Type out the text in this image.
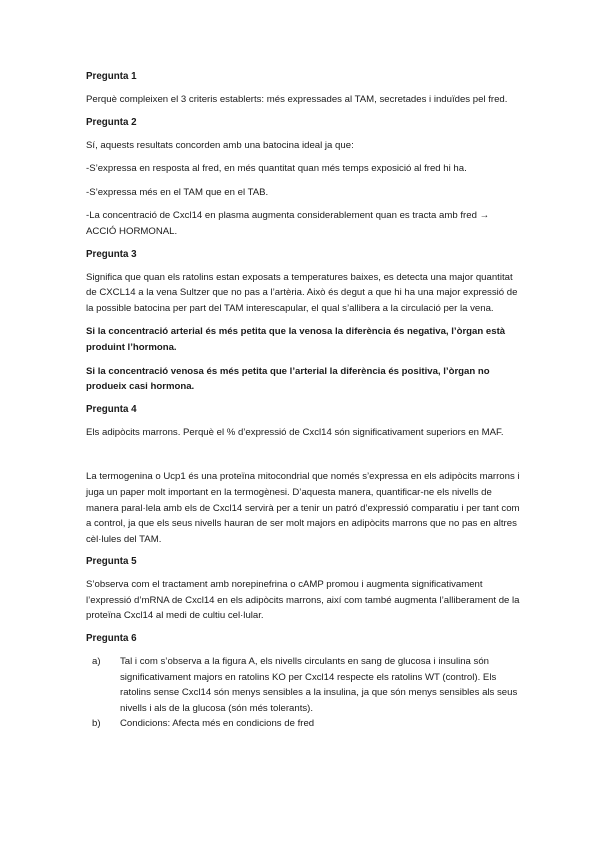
Pregunta 1

Perquè compleixen el 3 criteris establerts: més expressades al TAM, secretades i induïdes pel fred.

Pregunta 2

Sí, aquests resultats concorden amb una batocina ideal ja que:

-S’expressa en resposta al fred, en més quantitat quan més temps exposició al fred hi ha.

-S’expressa més en el TAM que en el TAB.

-La concentració de Cxcl14 en plasma augmenta considerablement quan es tracta amb fred → ACCIÓ HORMONAL.

Pregunta 3

Significa que quan els ratolins estan exposats a temperatures baixes, es detecta una major quantitat de CXCL14 a la vena Sultzer que no pas a l’artèria. Això és degut a que hi ha una major expressió de la possible batocina per part del TAM interescapular, el qual s’allibera a la circulació per la vena.

Si la concentració arterial és més petita que la venosa la diferència és negativa, l’òrgan està produint l’hormona.

Si la concentració venosa és més petita que l’arterial la diferència és positiva, l’òrgan no produeix casi hormona.

Pregunta 4

Els adipòcits marrons. Perquè el % d’expressió de Cxcl14 són significativament superiors en MAF.

La termogenina o Ucp1 és una proteïna mitocondrial que només s’expressa en els adipòcits marrons i juga un paper molt important en la termogènesi. D’aquesta manera, quantificar-ne els nivells de manera paral·lela amb els de Cxcl14 servirà per a tenir un patró d’expressió comparatiu i per tant com a control, ja que els seus nivells hauran de ser molt majors en adipòcits marrons que no pas en altres cèl·lules del TAM.

Pregunta 5

S’observa com el tractament amb norepinefrina o cAMP promou i augmenta significativament l’expressió d’mRNA de Cxcl14 en els adipòcits marrons, així com també augmenta l’alliberament de la proteïna Cxcl14 al medi de cultiu cel·lular.

Pregunta 6
a) Tal i com s’observa a la figura A, els nivells circulants en sang de glucosa i insulina són significativament majors en ratolins KO per Cxcl14 respecte els ratolins WT (control). Els ratolins sense Cxcl14 són menys sensibles a la insulina, ja que són menys sensibles als seus nivells i als de la glucosa (són més tolerants).
b) Condicions: Afecta més en condicions de fred
